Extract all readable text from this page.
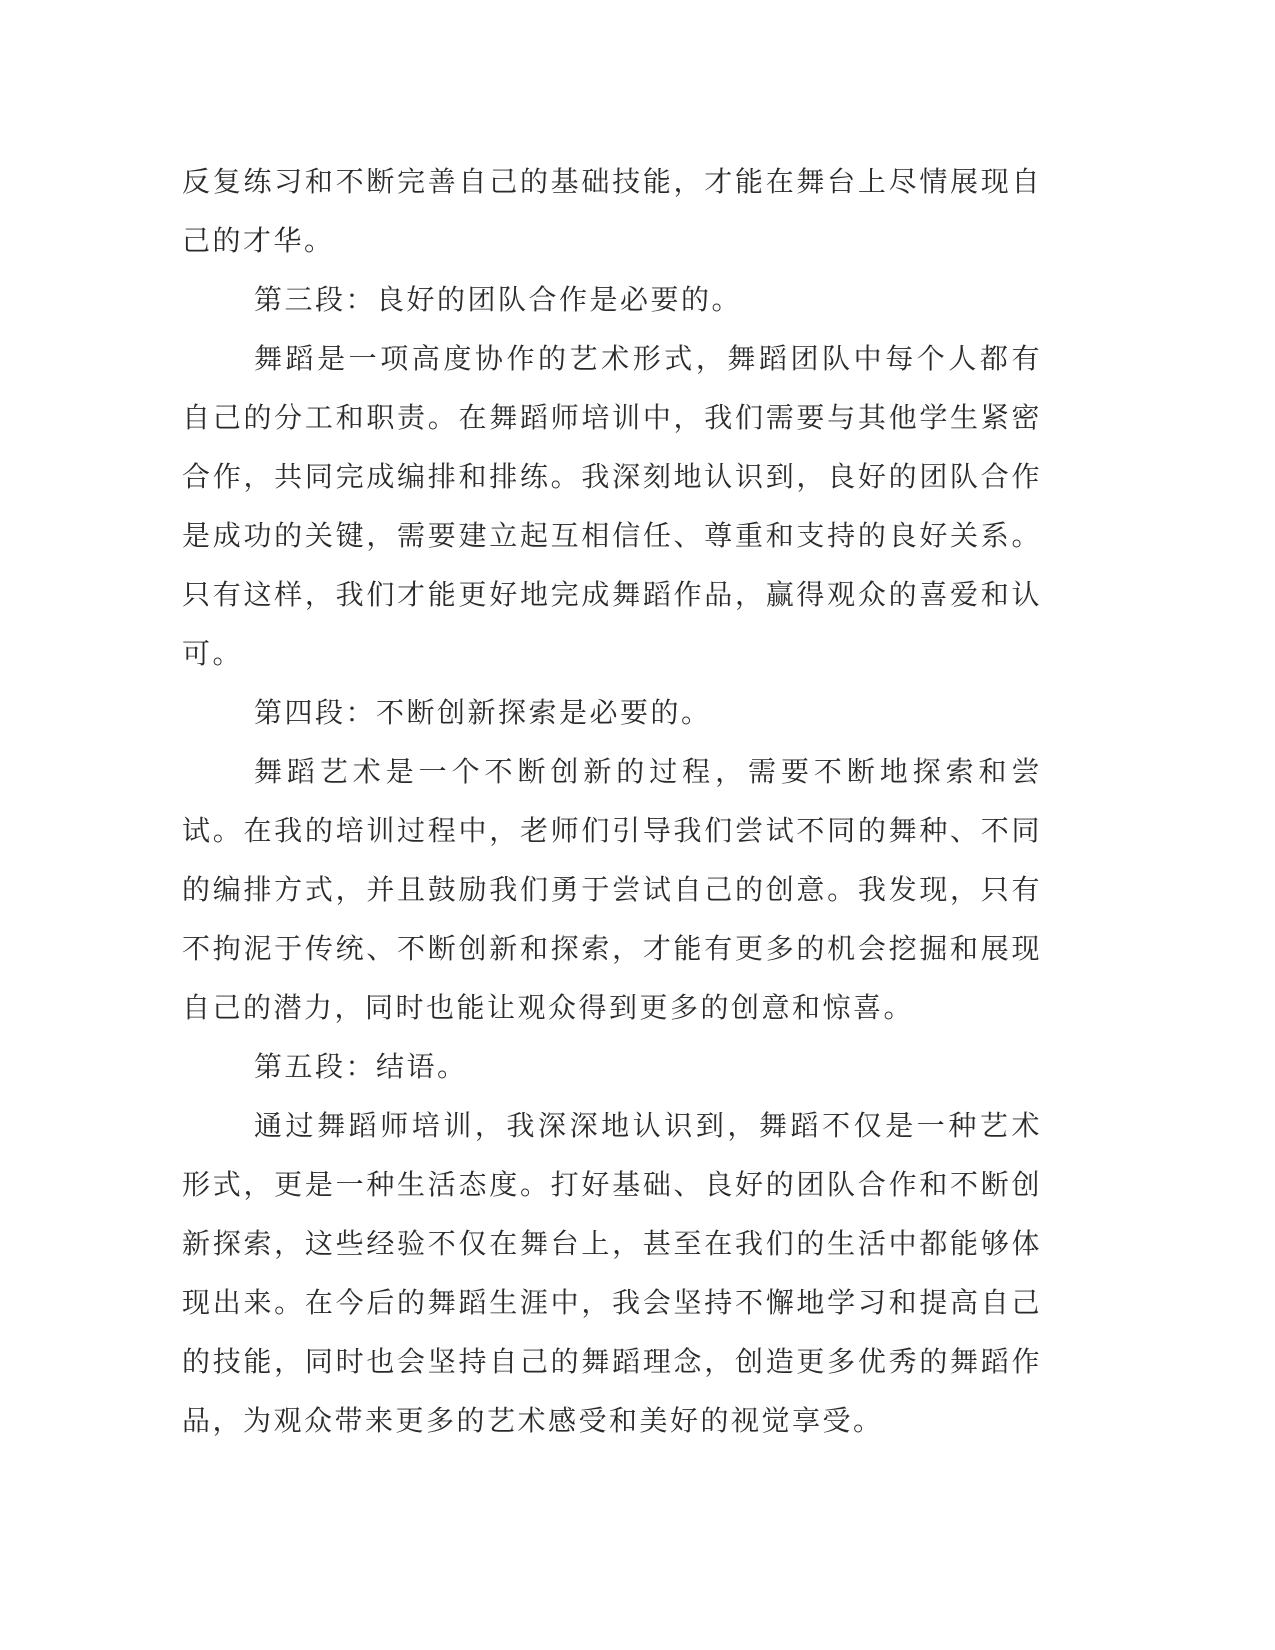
反复练习和不断完善自己的基础技能，才能在舞台上尽情展现自己的才华。

第三段：良好的团队合作是必要的。

舞蹈是一项高度协作的艺术形式，舞蹈团队中每个人都有自己的分工和职责。在舞蹈师培训中，我们需要与其他学生紧密合作，共同完成编排和排练。我深刻地认识到，良好的团队合作是成功的关键，需要建立起互相信任、尊重和支持的良好关系。只有这样，我们才能更好地完成舞蹈作品，赢得观众的喜爱和认可。

第四段：不断创新探索是必要的。

舞蹈艺术是一个不断创新的过程，需要不断地探索和尝试。在我的培训过程中，老师们引导我们尝试不同的舞种、不同的编排方式，并且鼓励我们勇于尝试自己的创意。我发现，只有不拘泥于传统、不断创新和探索，才能有更多的机会挖掘和展现自己的潜力，同时也能让观众得到更多的创意和惊喜。

第五段：结语。

通过舞蹈师培训，我深深地认识到，舞蹈不仅是一种艺术形式，更是一种生活态度。打好基础、良好的团队合作和不断创新探索，这些经验不仅在舞台上，甚至在我们的生活中都能够体现出来。在今后的舞蹈生涯中，我会坚持不懈地学习和提高自己的技能，同时也会坚持自己的舞蹈理念，创造更多优秀的舞蹈作品，为观众带来更多的艺术感受和美好的视觉享受。
